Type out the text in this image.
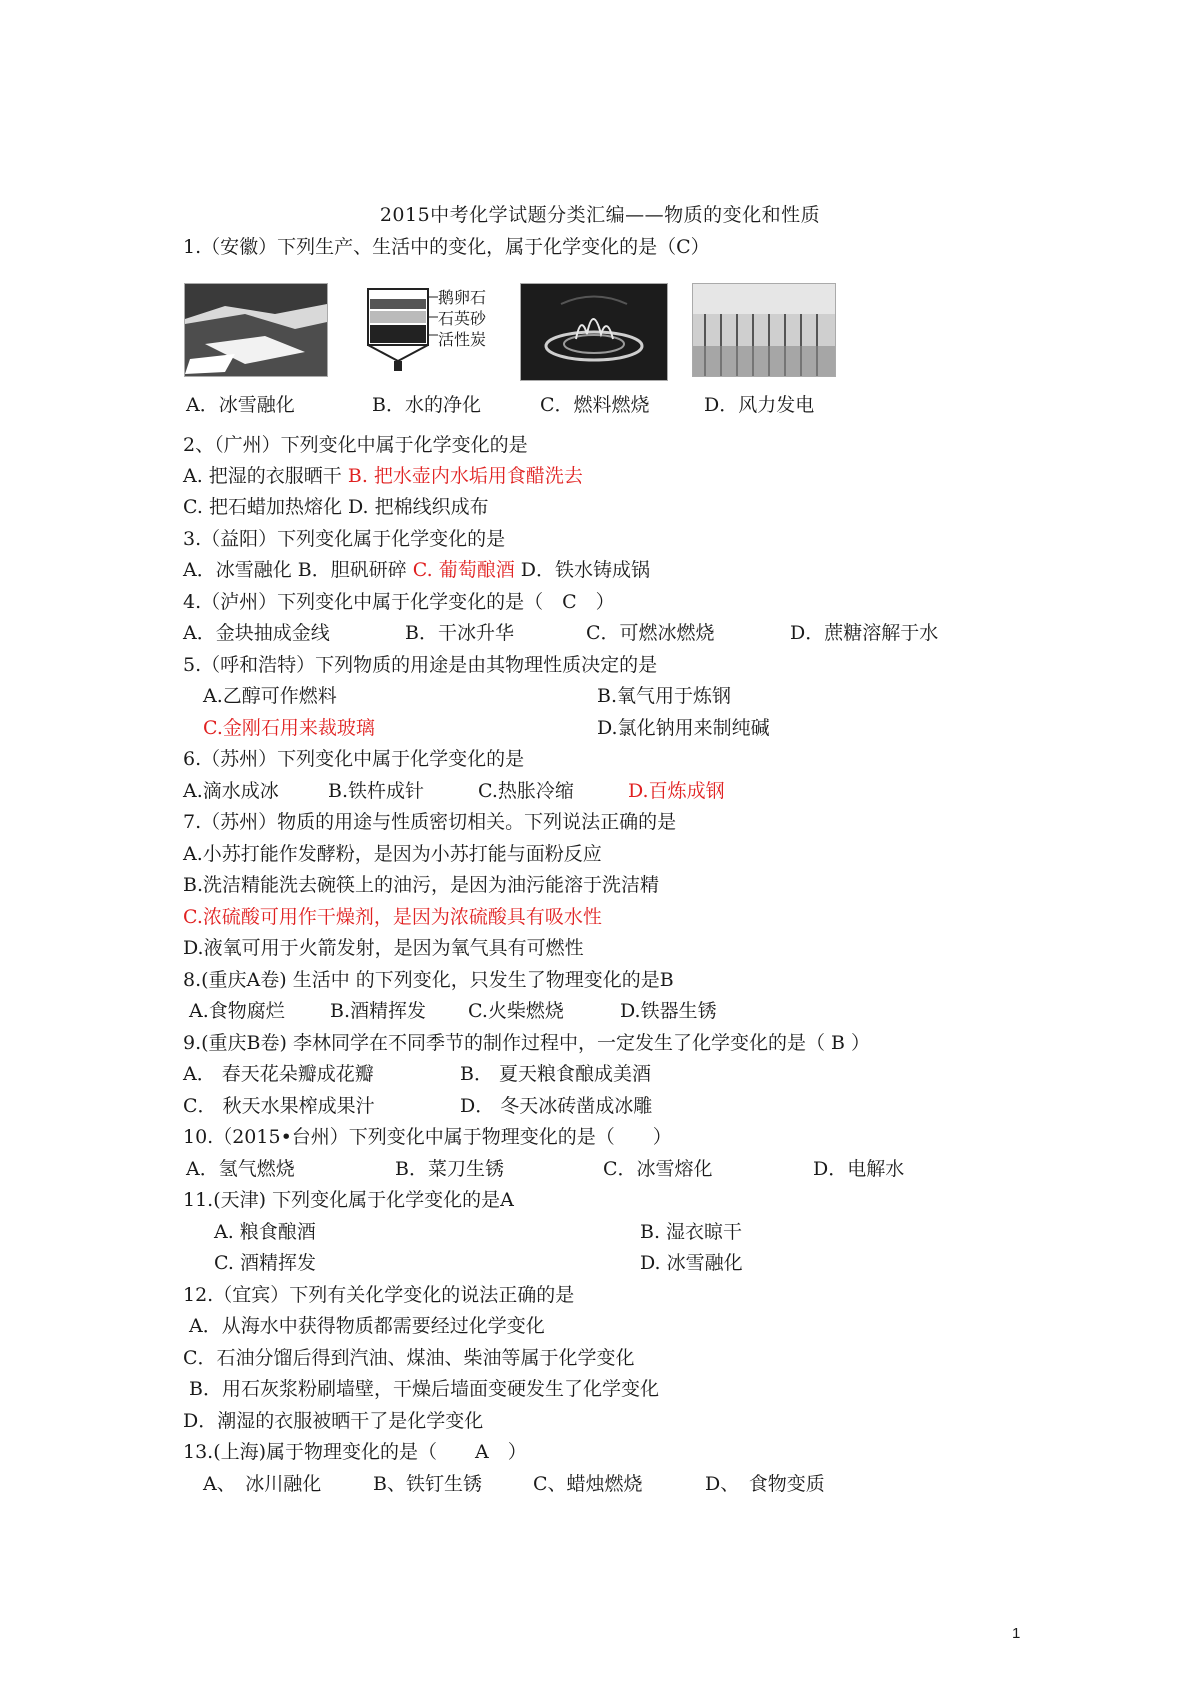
2015中考化学试题分类汇编——物质的变化和性质
1.（安徽）下列生产、生活中的变化，属于化学变化的是（C）
鹅卵石
石英砂
活性炭
A．冰雪融化	B．水的净化	C．燃料燃烧	D．风力发电
2、（广州）下列变化中属于化学变化的是
A. 把湿的衣服晒干 B. 把水壶内水垢用食醋洗去
C. 把石蜡加热熔化 D. 把棉线织成布
3.（益阳）下列变化属于化学变化的是
A．冰雪融化 B．胆矾研碎 C. 葡萄酿酒 D．铁水铸成锅
4.（泸州）下列变化中属于化学变化的是（　C　）
A．金块抽成金线	B．干冰升华	C．可燃冰燃烧	D．蔗糖溶解于水
5.（呼和浩特）下列物质的用途是由其物理性质决定的是
A.乙醇可作燃料	B.氧气用于炼钢
C.金刚石用来裁玻璃	D.氯化钠用来制纯碱
6.（苏州）下列变化中属于化学变化的是
A.滴水成冰	B.铁杵成针	C.热胀冷缩	D.百炼成钢
7.（苏州）物质的用途与性质密切相关。下列说法正确的是
A.小苏打能作发酵粉，是因为小苏打能与面粉反应
B.洗洁精能洗去碗筷上的油污，是因为油污能溶于洗洁精
C.浓硫酸可用作干燥剂，是因为浓硫酸具有吸水性
D.液氧可用于火箭发射，是因为氧气具有可燃性
8.(重庆A卷) 生活中 的下列变化，只发生了物理变化的是B
A.食物腐烂 B.酒精挥发 C.火柴燃烧	D.铁器生锈
9.(重庆B卷) 李林同学在不同季节的制作过程中，一定发生了化学变化的是（ B ）
A． 春天花朵瓣成花瓣	B． 夏天粮食酿成美酒
C． 秋天水果榨成果汁	D． 冬天冰砖凿成冰雕
10.（2015•台州）下列变化中属于物理变化的是（　　）
A．氢气燃烧	B．菜刀生锈	C．冰雪熔化	D．电解水
11.(天津) 下列变化属于化学变化的是A
A. 粮食酿酒	B. 湿衣晾干
C. 酒精挥发	D. 冰雪融化
12.（宜宾）下列有关化学变化的说法正确的是
A．从海水中获得物质都需要经过化学变化
C．石油分馏后得到汽油、煤油、柴油等属于化学变化
B．用石灰浆粉刷墙壁，干燥后墙面变硬发生了化学变化
D．潮湿的衣服被晒干了是化学变化
13.(上海)属于物理变化的是（　　A　）
A、　冰川融化	B、铁钉生锈	C、蜡烛燃烧	D、　食物变质
1
